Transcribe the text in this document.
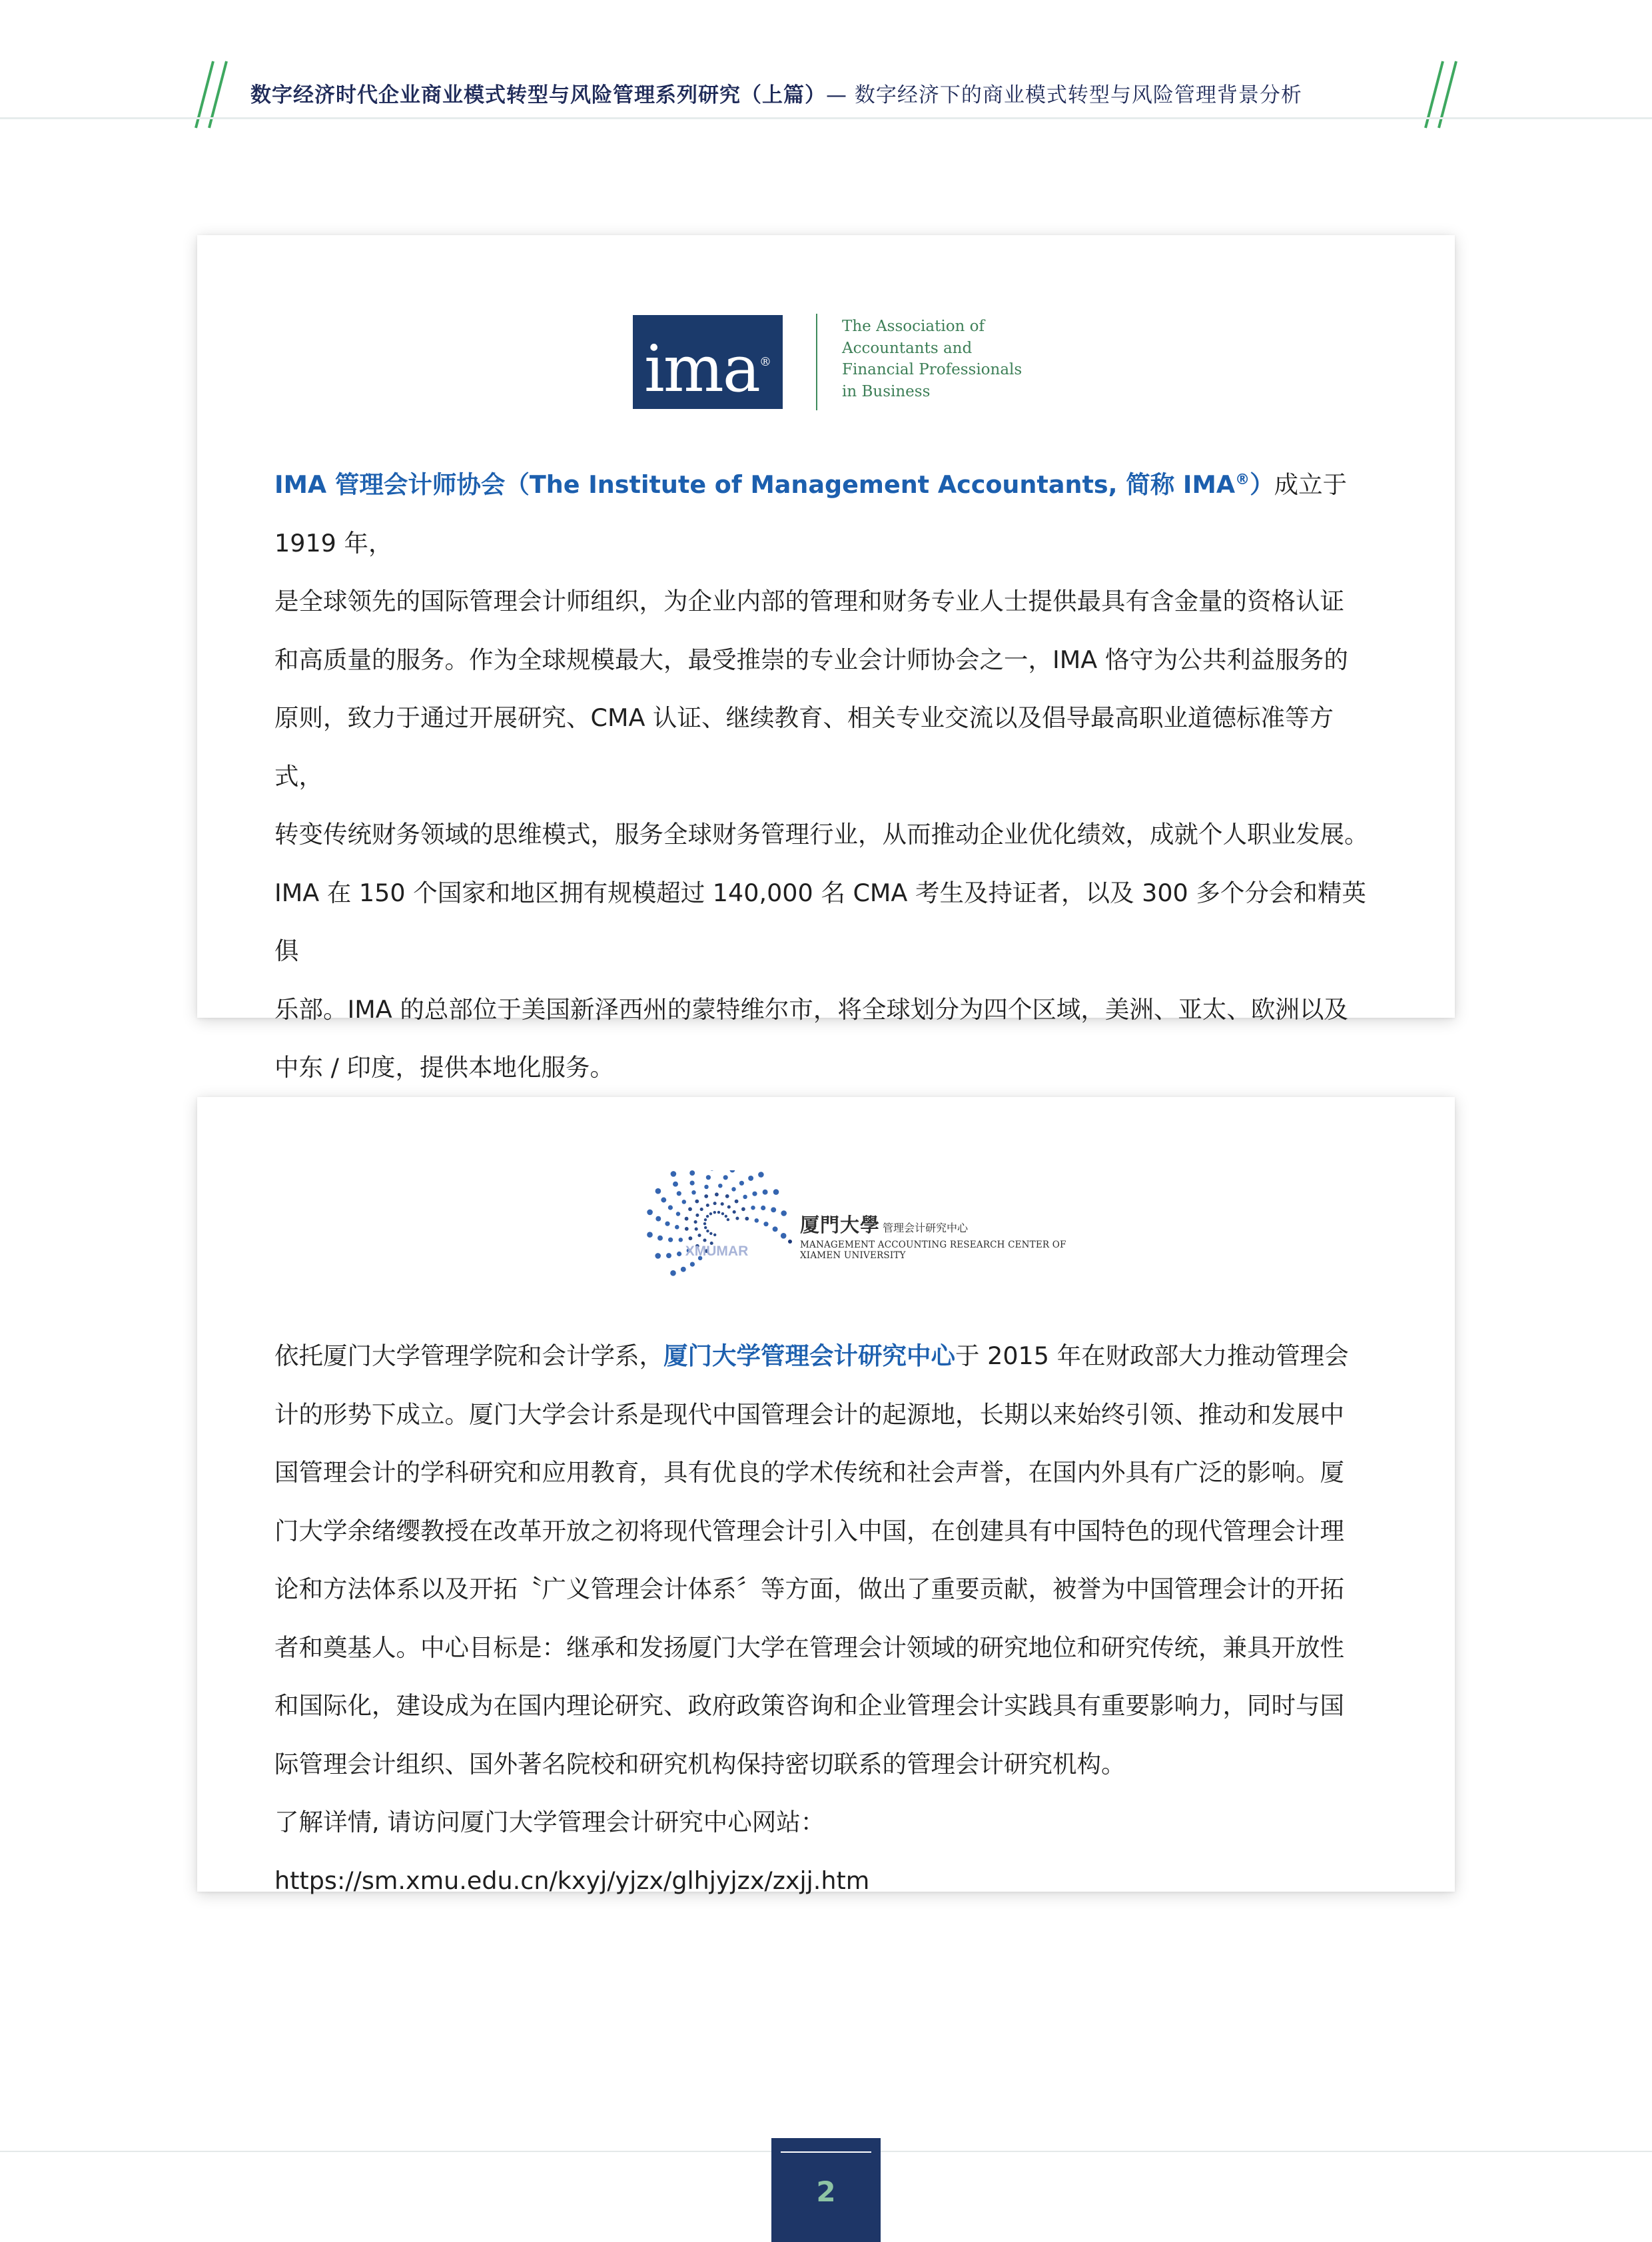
数字经济时代企业商业模式转型与风险管理系列研究（上篇）— 数字经济下的商业模式转型与风险管理背景分析
ima®
The Association of
Accountants and
Financial Professionals
in Business
IMA 管理会计师协会（The Institute of Management Accountants, 简称 IMA®）成立于 1919 年，
是全球领先的国际管理会计师组织，为企业内部的管理和财务专业人士提供最具有含金量的资格认证
和高质量的服务。作为全球规模最大，最受推崇的专业会计师协会之一，IMA 恪守为公共利益服务的
原则，致力于通过开展研究、CMA 认证、继续教育、相关专业交流以及倡导最高职业道德标准等方式，
转变传统财务领域的思维模式，服务全球财务管理行业，从而推动企业优化绩效，成就个人职业发展。
IMA 在 150 个国家和地区拥有规模超过 140,000 名 CMA 考生及持证者，以及 300 多个分会和精英俱
乐部。IMA 的总部位于美国新泽西州的蒙特维尔市，将全球划分为四个区域，美洲、亚太、欧洲以及
中东 / 印度，提供本地化服务。
XMUMAR
厦門大學 管理会计研究中心
MANAGEMENT ACCOUNTING RESEARCH CENTER OF
XIAMEN UNIVERSITY
依托厦门大学管理学院和会计学系，厦门大学管理会计研究中心于 2015 年在财政部大力推动管理会
计的形势下成立。厦门大学会计系是现代中国管理会计的起源地，长期以来始终引领、推动和发展中
国管理会计的学科研究和应用教育，具有优良的学术传统和社会声誉，在国内外具有广泛的影响。厦
门大学余绪缨教授在改革开放之初将现代管理会计引入中国，在创建具有中国特色的现代管理会计理
论和方法体系以及开拓〝广义管理会计体系〞等方面，做出了重要贡献，被誉为中国管理会计的开拓
者和奠基人。中心目标是：继承和发扬厦门大学在管理会计领域的研究地位和研究传统，兼具开放性
和国际化，建设成为在国内理论研究、政府政策咨询和企业管理会计实践具有重要影响力，同时与国
际管理会计组织、国外著名院校和研究机构保持密切联系的管理会计研究机构。
了解详情, 请访问厦门大学管理会计研究中心网站：https://sm.xmu.edu.cn/kxyj/yjzx/glhjyjzx/zxjj.htm
2
